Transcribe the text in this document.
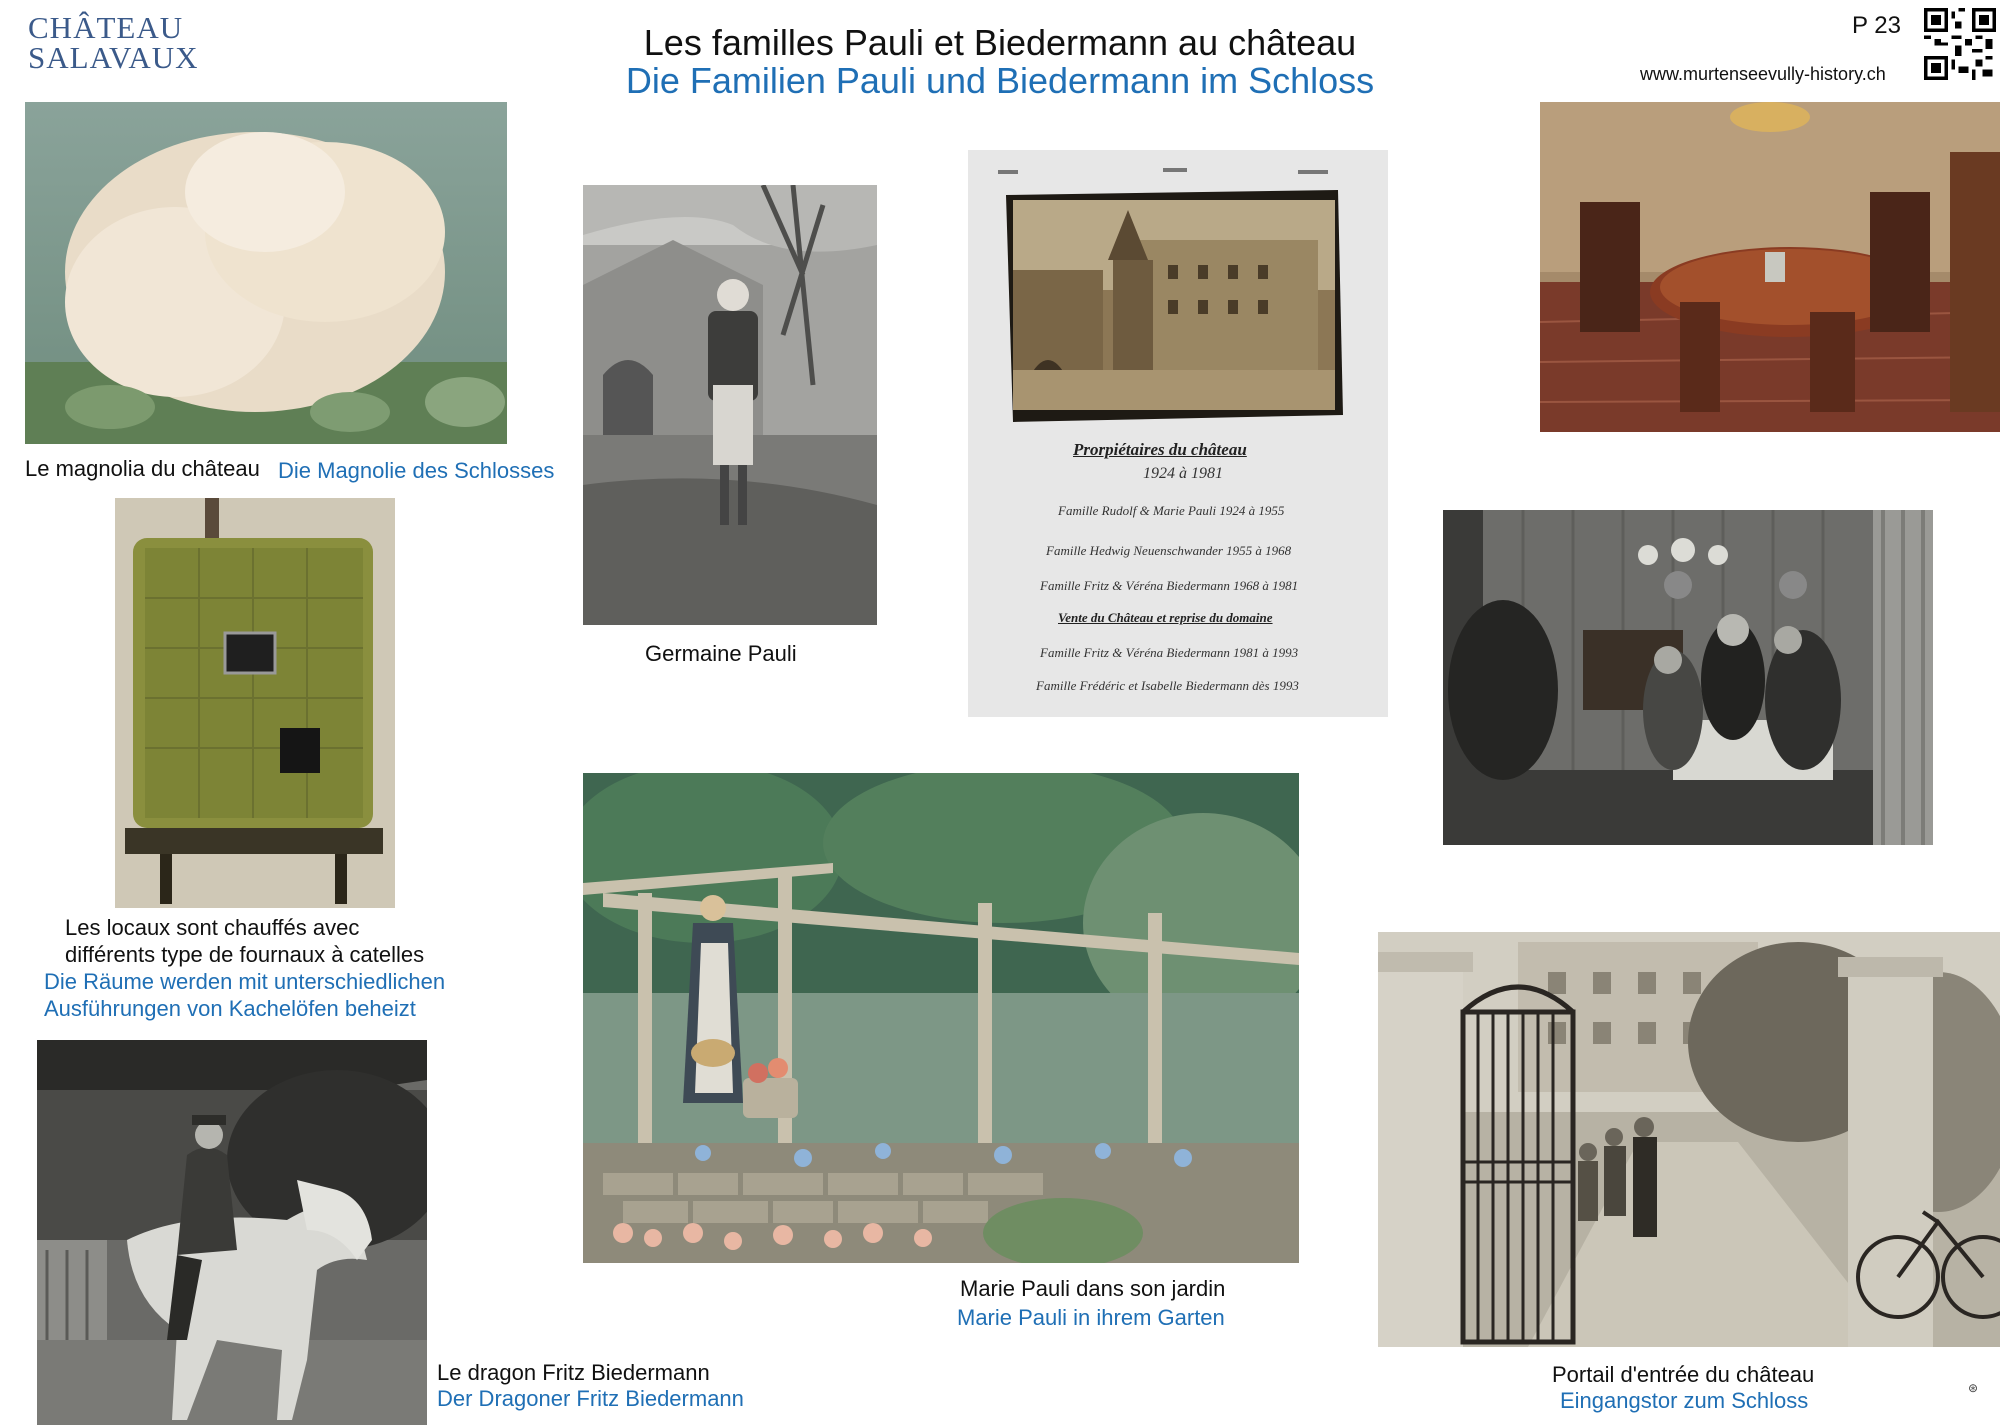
CHÂTEAU
SALAVAUX	Les familles Pauli et Biedermann au château
Die Familien Pauli und Biedermann im Schloss
P 23
www.murtenseevully-history.ch
Le magnolia du château Die Magnolie des Schlosses
Les locaux sont chauffés avec
différents type de fournaux à catelles
Die Räume werden mit unterschiedlichen
Ausführungen von Kachelöfen beheizt
Germaine Pauli
Prorpiétaires du château
1924 à 1981
Famille Rudolf & Marie Pauli 1924 à 1955
Famille Hedwig Neuenschwander 1955 à 1968
Famille Fritz & Véréna Biedermann 1968 à 1981
Vente du Château et reprise du domaine
Famille Fritz & Véréna Biedermann 1981 à 1993
Famille Frédéric et Isabelle Biedermann dès 1993
Marie Pauli dans son jardin
Marie Pauli in ihrem Garten
Le dragon Fritz Biedermann
Der Dragoner Fritz Biedermann
Portail d'entrée du château
Eingangstor zum Schloss	⊛
